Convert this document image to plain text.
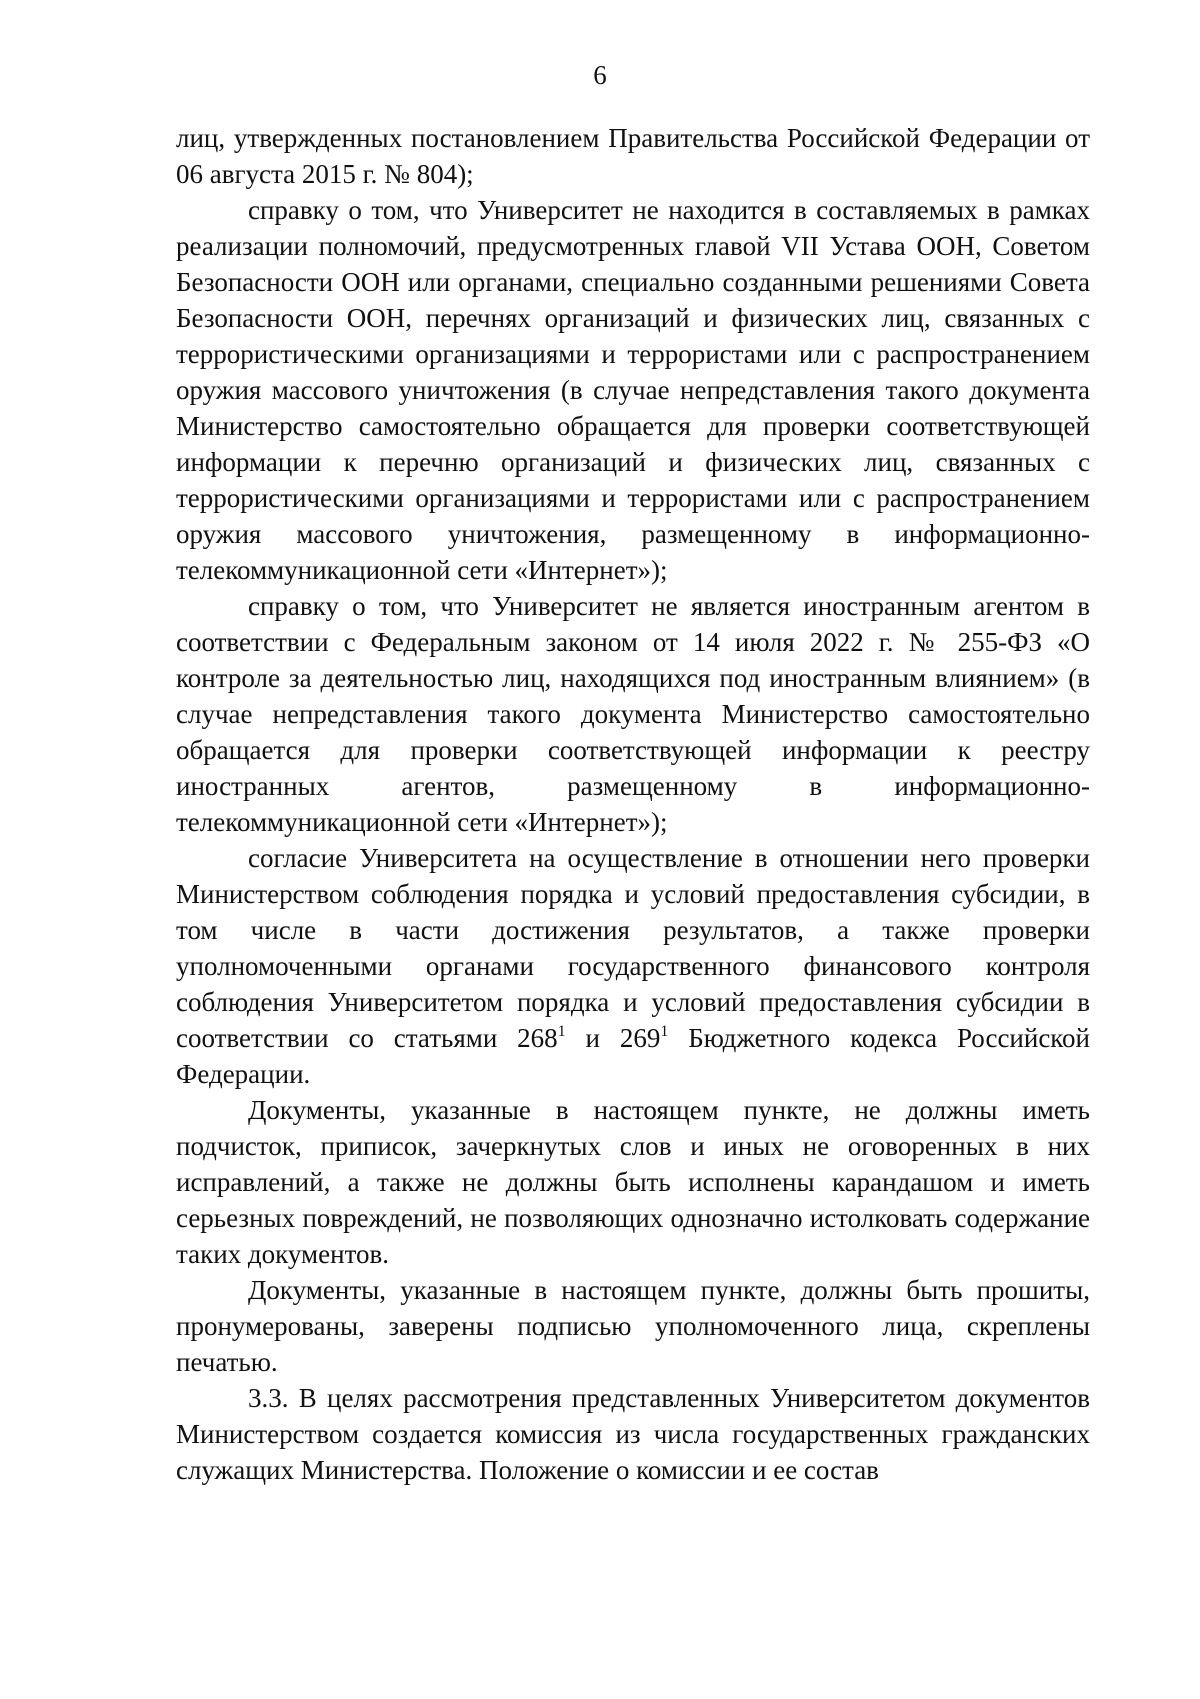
6

лиц, утвержденных постановлением Правительства Российской Федерации от 06 августа 2015 г. № 804);

справку о том, что Университет не находится в составляемых в рамках реализации полномочий, предусмотренных главой VII Устава ООН, Советом Безопасности ООН или органами, специально созданными решениями Совета Безопасности ООН, перечнях организаций и физических лиц, связанных с террористическими организациями и террористами или с распространением оружия массового уничтожения (в случае непредставления такого документа Министерство самостоятельно обращается для проверки соответствующей информации к перечню организаций и физических лиц, связанных с террористическими организациями и террористами или с распространением оружия массового уничтожения, размещенному в информационно-телекоммуникационной сети «Интернет»);

справку о том, что Университет не является иностранным агентом в соответствии с Федеральным законом от 14 июля 2022 г. № 255-ФЗ «О контроле за деятельностью лиц, находящихся под иностранным влиянием» (в случае непредставления такого документа Министерство самостоятельно обращается для проверки соответствующей информации к реестру иностранных агентов, размещенному в информационно-телекоммуникационной сети «Интернет»);

согласие Университета на осуществление в отношении него проверки Министерством соблюдения порядка и условий предоставления субсидии, в том числе в части достижения результатов, а также проверки уполномоченными органами государственного финансового контроля соблюдения Университетом порядка и условий предоставления субсидии в соответствии со статьями $268^1$ и $269^1$ Бюджетного кодекса Российской Федерации.

Документы, указанные в настоящем пункте, не должны иметь подчисток, приписок, зачеркнутых слов и иных не оговоренных в них исправлений, а также не должны быть исполнены карандашом и иметь серьезных повреждений, не позволяющих однозначно истолковать содержание таких документов.

Документы, указанные в настоящем пункте, должны быть прошиты, пронумерованы, заверены подписью уполномоченного лица, скреплены печатью.

3.3. В целях рассмотрения представленных Университетом документов Министерством создается комиссия из числа государственных гражданских служащих Министерства. Положение о комиссии и ее состав
